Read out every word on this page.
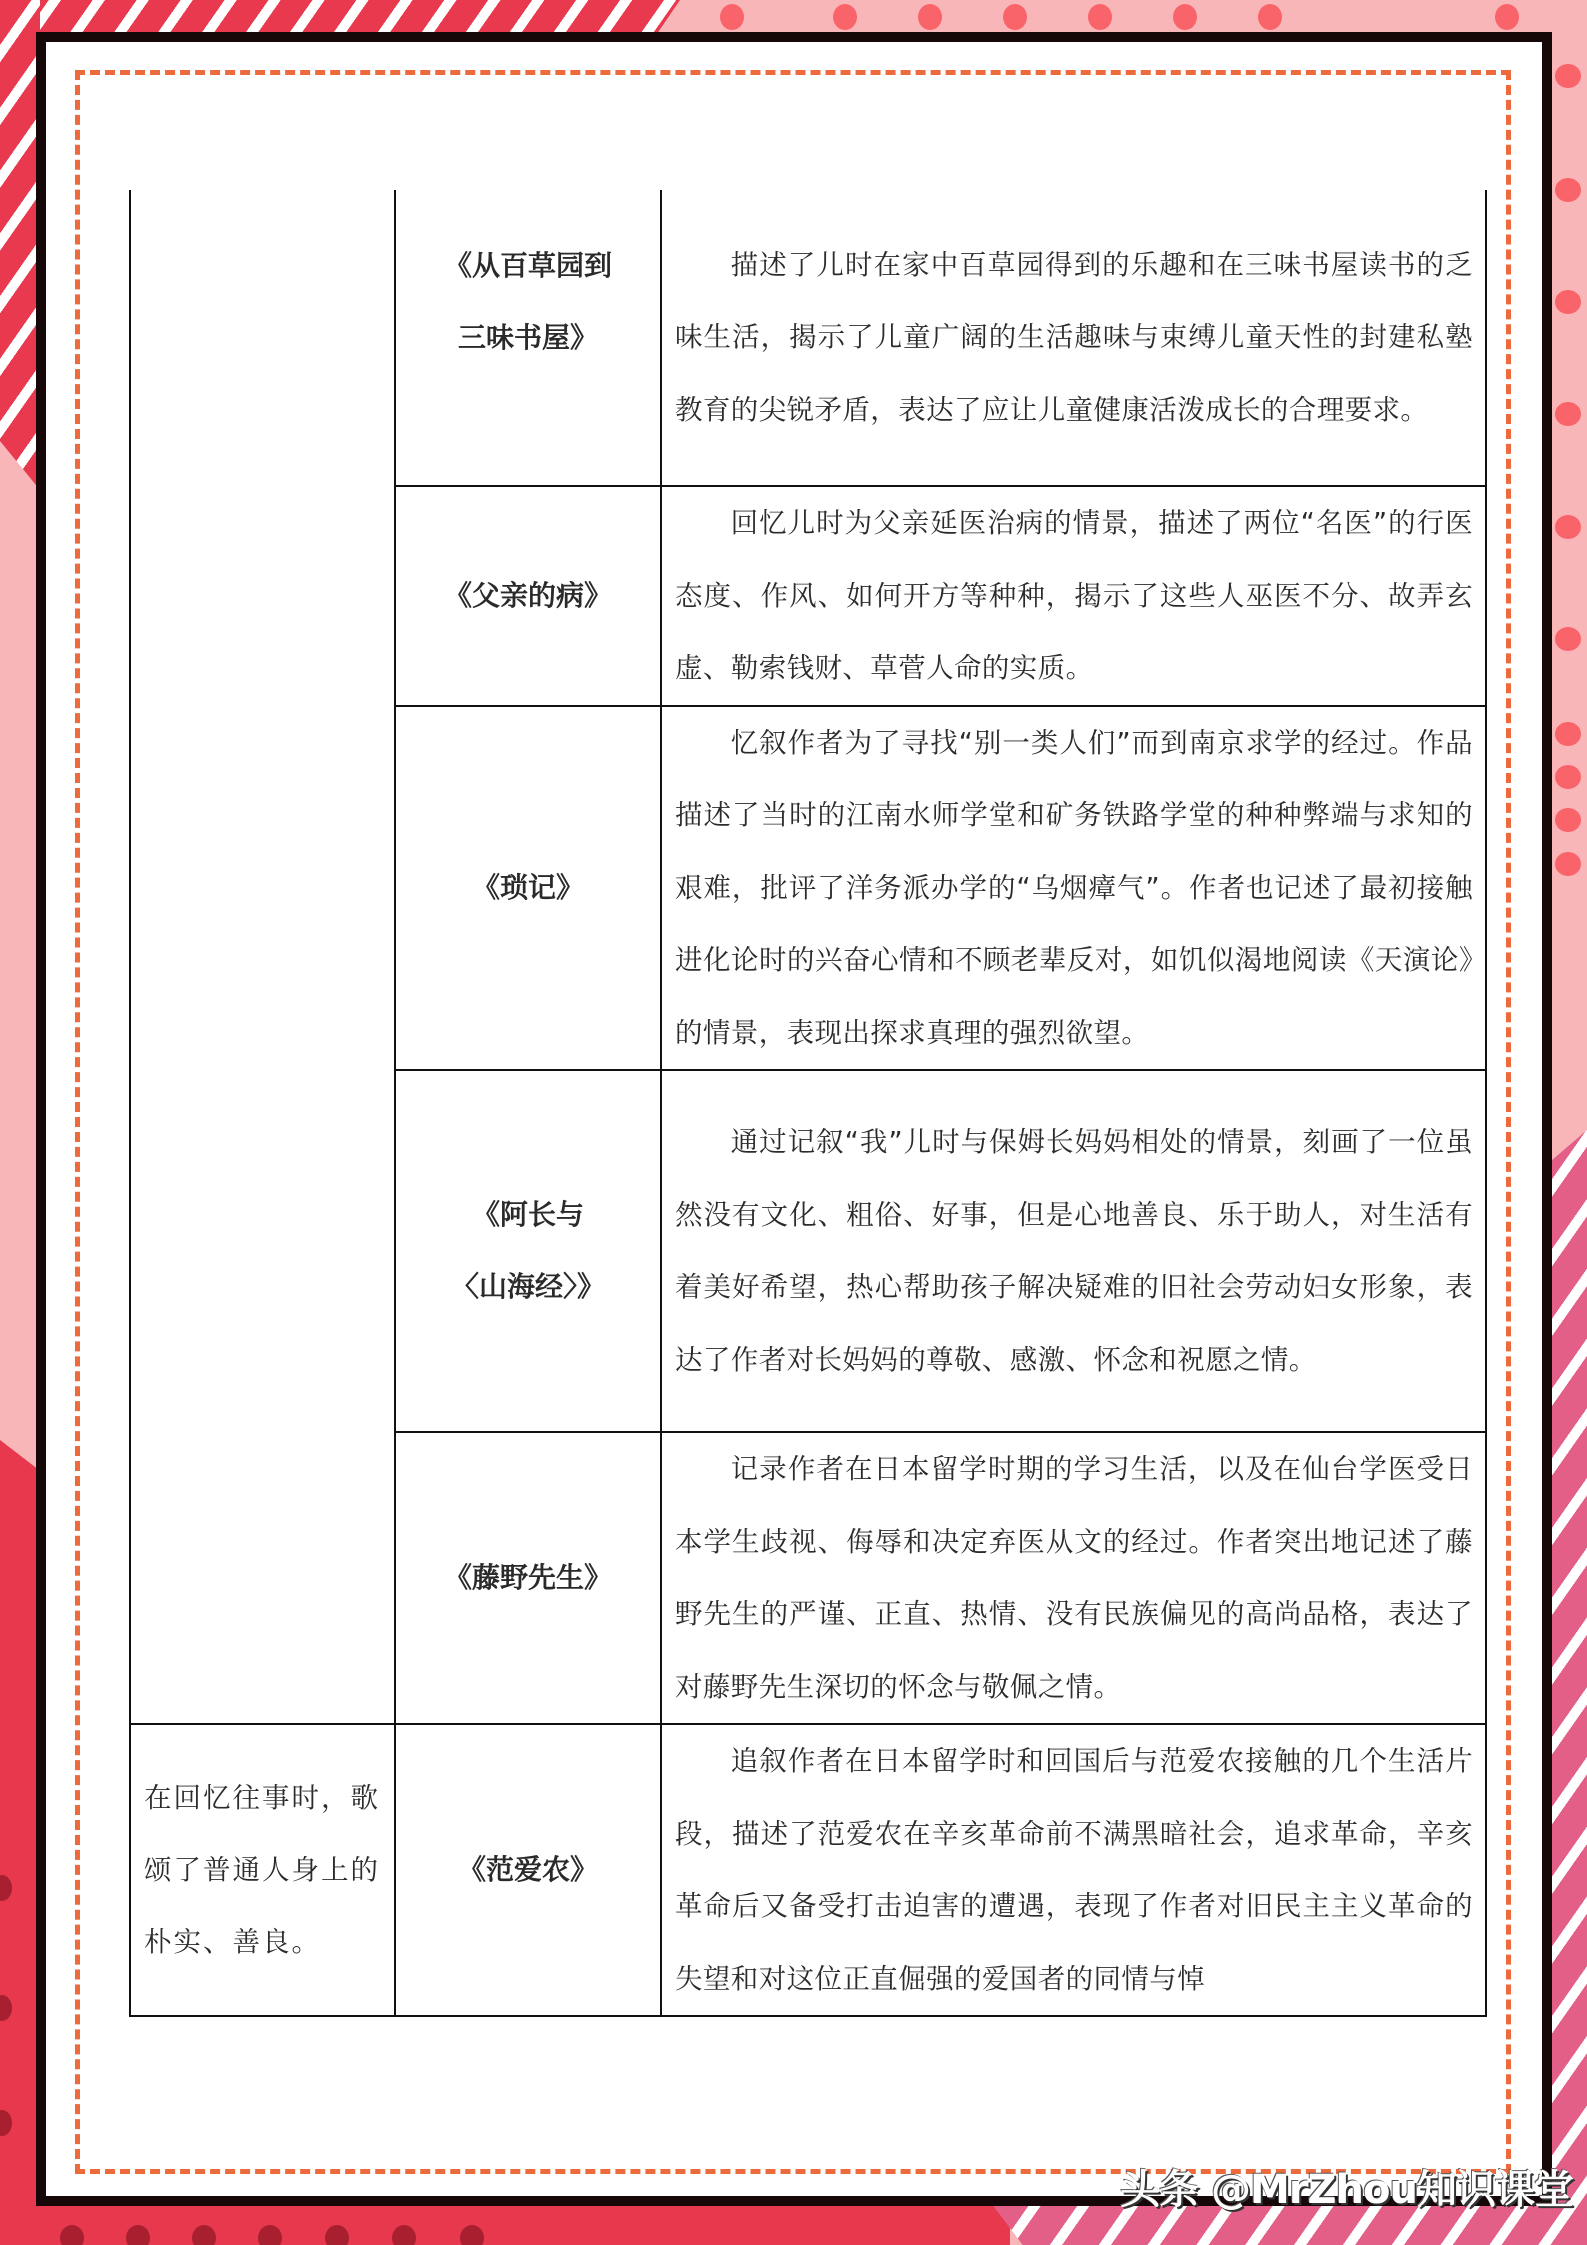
	《从百草园到
三味书屋》	描述了儿时在家中百草园得到的乐趣和在三味书屋读书的乏味生活，揭示了儿童广阔的生活趣味与束缚儿童天性的封建私塾教育的尖锐矛盾，表达了应让儿童健康活泼成长的合理要求。

	《父亲的病》	回忆儿时为父亲延医治病的情景，描述了两位“名医”的行医态度、作风、如何开方等种种，揭示了这些人巫医不分、故弄玄虚、勒索钱财、草菅人命的实质。

	《琐记》	忆叙作者为了寻找“别一类人们”而到南京求学的经过。作品描述了当时的江南水师学堂和矿务铁路学堂的种种弊端与求知的艰难，批评了洋务派办学的“乌烟瘴气”。作者也记述了最初接触进化论时的兴奋心情和不顾老辈反对，如饥似渴地阅读《天演论》的情景，表现出探求真理的强烈欲望。

	《阿长与
〈山海经〉》	通过记叙“我”儿时与保姆长妈妈相处的情景，刻画了一位虽然没有文化、粗俗、好事，但是心地善良、乐于助人，对生活有着美好希望，热心帮助孩子解决疑难的旧社会劳动妇女形象，表达了作者对长妈妈的尊敬、感激、怀念和祝愿之情。

	《藤野先生》	记录作者在日本留学时期的学习生活，以及在仙台学医受日本学生歧视、侮辱和决定弃医从文的经过。作者突出地记述了藤野先生的严谨、正直、热情、没有民族偏见的高尚品格，表达了对藤野先生深切的怀念与敬佩之情。
在回忆往事时，歌颂了普通人身上的朴实、善良。	《范爱农》	追叙作者在日本留学时和回国后与范爱农接触的几个生活片段，描述了范爱农在辛亥革命前不满黑暗社会，追求革命，辛亥革命后又备受打击迫害的遭遇，表现了作者对旧民主主义革命的失望和对这位正直倔强的爱国者的同情与悼
头条 @MrZhou知识课堂
